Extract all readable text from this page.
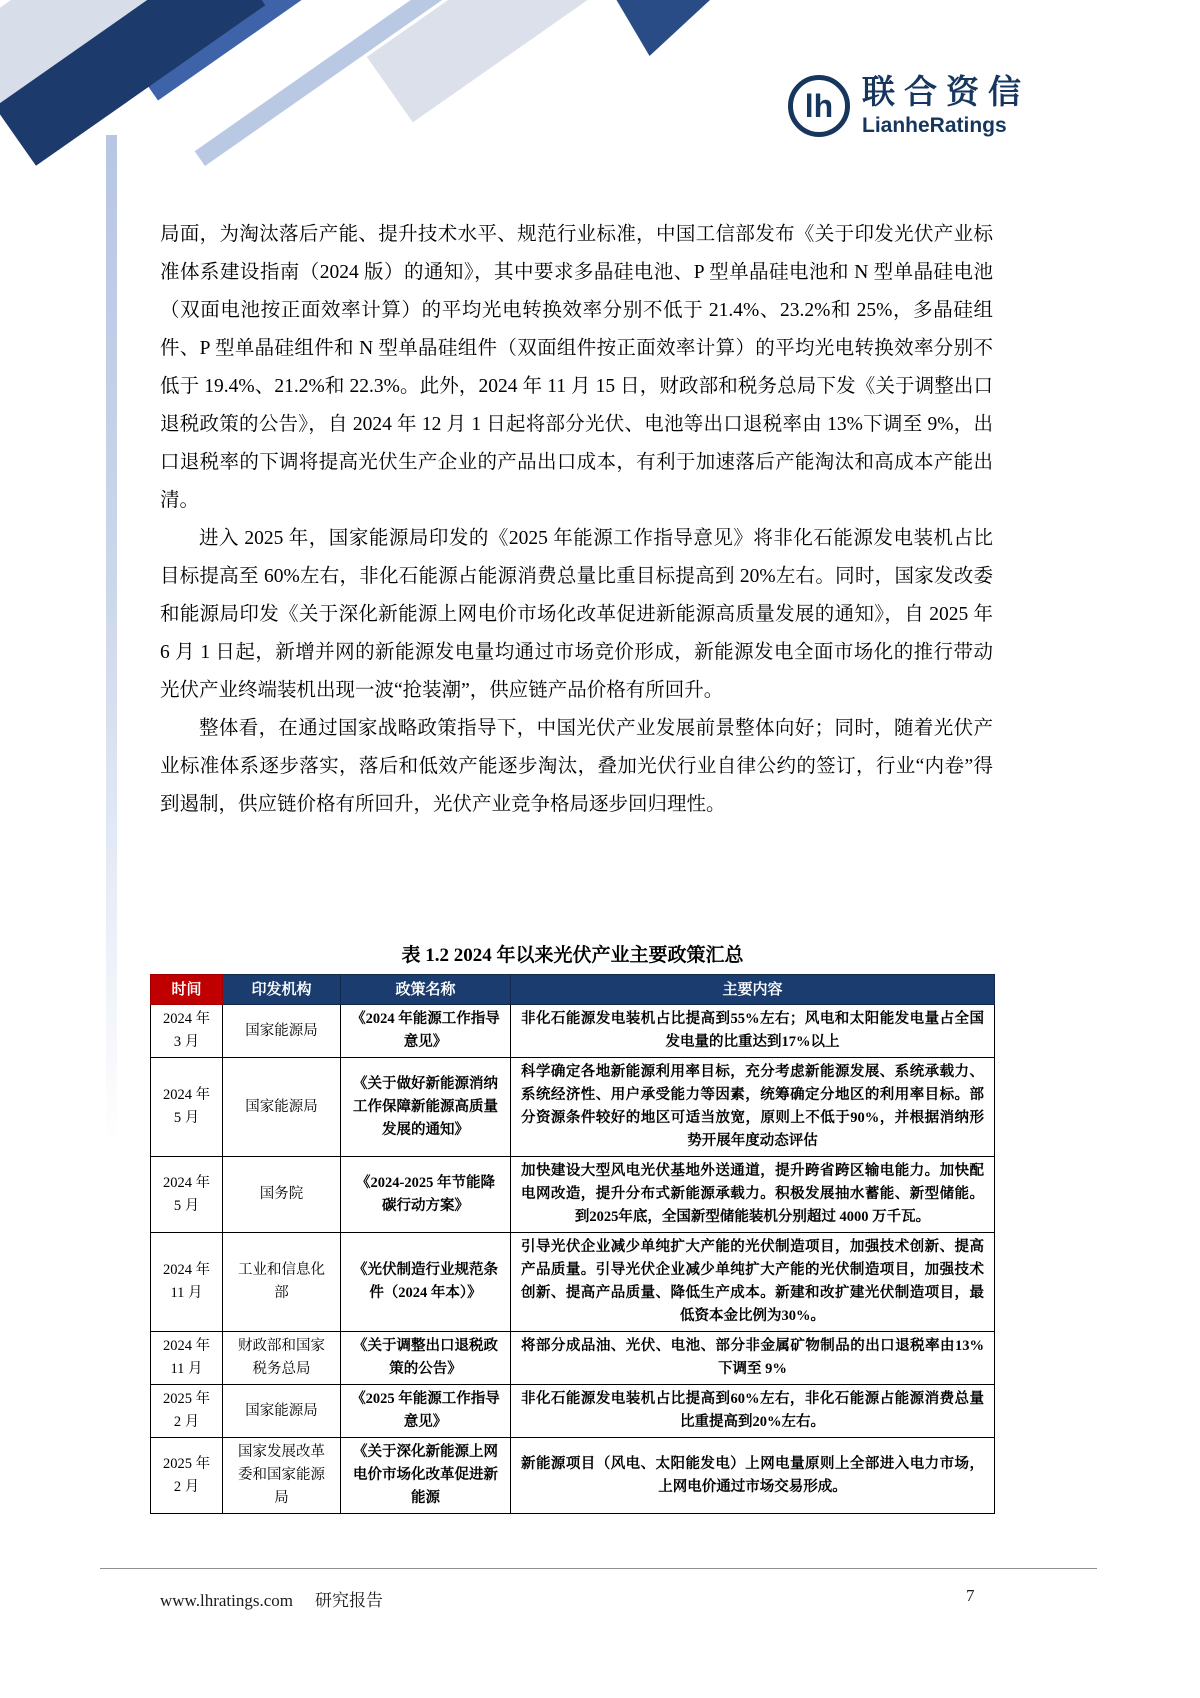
lh 联合资信
LianheRatings

局面，为淘汰落后产能、提升技术水平、规范行业标准，中国工信部发布《关于印发光伏产业标准体系建设指南（2024 版）的通知》，其中要求多晶硅电池、P 型单晶硅电池和 N 型单晶硅电池（双面电池按正面效率计算）的平均光电转换效率分别不低于 21.4%、23.2%和 25%，多晶硅组件、P 型单晶硅组件和 N 型单晶硅组件（双面组件按正面效率计算）的平均光电转换效率分别不低于 19.4%、21.2%和 22.3%。此外，2024 年 11 月 15 日，财政部和税务总局下发《关于调整出口退税政策的公告》，自 2024 年 12 月 1 日起将部分光伏、电池等出口退税率由 13%下调至 9%，出口退税率的下调将提高光伏生产企业的产品出口成本，有利于加速落后产能淘汰和高成本产能出清。

进入 2025 年，国家能源局印发的《2025 年能源工作指导意见》将非化石能源发电装机占比目标提高至 60%左右，非化石能源占能源消费总量比重目标提高到 20%左右。同时，国家发改委和能源局印发《关于深化新能源上网电价市场化改革促进新能源高质量发展的通知》，自 2025 年 6 月 1 日起，新增并网的新能源发电量均通过市场竞价形成，新能源发电全面市场化的推行带动光伏产业终端装机出现一波“抢装潮”，供应链产品价格有所回升。

整体看，在通过国家战略政策指导下，中国光伏产业发展前景整体向好；同时，随着光伏产业标准体系逐步落实，落后和低效产能逐步淘汰，叠加光伏行业自律公约的签订，行业“内卷”得到遏制，供应链价格有所回升，光伏产业竞争格局逐步回归理性。

表 1.2 2024 年以来光伏产业主要政策汇总
时间	印发机构	政策名称	主要内容
2024 年 3 月	国家能源局	《2024 年能源工作指导意见》	非化石能源发电装机占比提高到55%左右；风电和太阳能发电量占全国发电量的比重达到17%以上
2024 年 5 月	国家能源局	《关于做好新能源消纳工作保障新能源高质量发展的通知》	科学确定各地新能源利用率目标，充分考虑新能源发展、系统承载力、系统经济性、用户承受能力等因素，统筹确定分地区的利用率目标。部分资源条件较好的地区可适当放宽，原则上不低于90%，并根据消纳形势开展年度动态评估
2024 年 5 月	国务院	《2024-2025 年节能降碳行动方案》	加快建设大型风电光伏基地外送通道，提升跨省跨区输电能力。加快配电网改造，提升分布式新能源承载力。积极发展抽水蓄能、新型储能。到2025年底，全国新型储能装机分别超过 4000 万千瓦。
2024 年 11 月	工业和信息化部	《光伏制造行业规范条件（2024 年本）》	引导光伏企业减少单纯扩大产能的光伏制造项目，加强技术创新、提高产品质量。引导光伏企业减少单纯扩大产能的光伏制造项目，加强技术创新、提高产品质量、降低生产成本。新建和改扩建光伏制造项目，最低资本金比例为30%。
2024 年 11 月	财政部和国家税务总局	《关于调整出口退税政策的公告》	将部分成品油、光伏、电池、部分非金属矿物制品的出口退税率由13%下调至 9%
2025 年 2 月	国家能源局	《2025 年能源工作指导意见》	非化石能源发电装机占比提高到60%左右，非化石能源占能源消费总量比重提高到20%左右。
2025 年 2 月	国家发展改革委和国家能源局	《关于深化新能源上网电价市场化改革促进新能源	新能源项目（风电、太阳能发电）上网电量原则上全部进入电力市场，上网电价通过市场交易形成。
www.lhratings.com 研究报告	7
